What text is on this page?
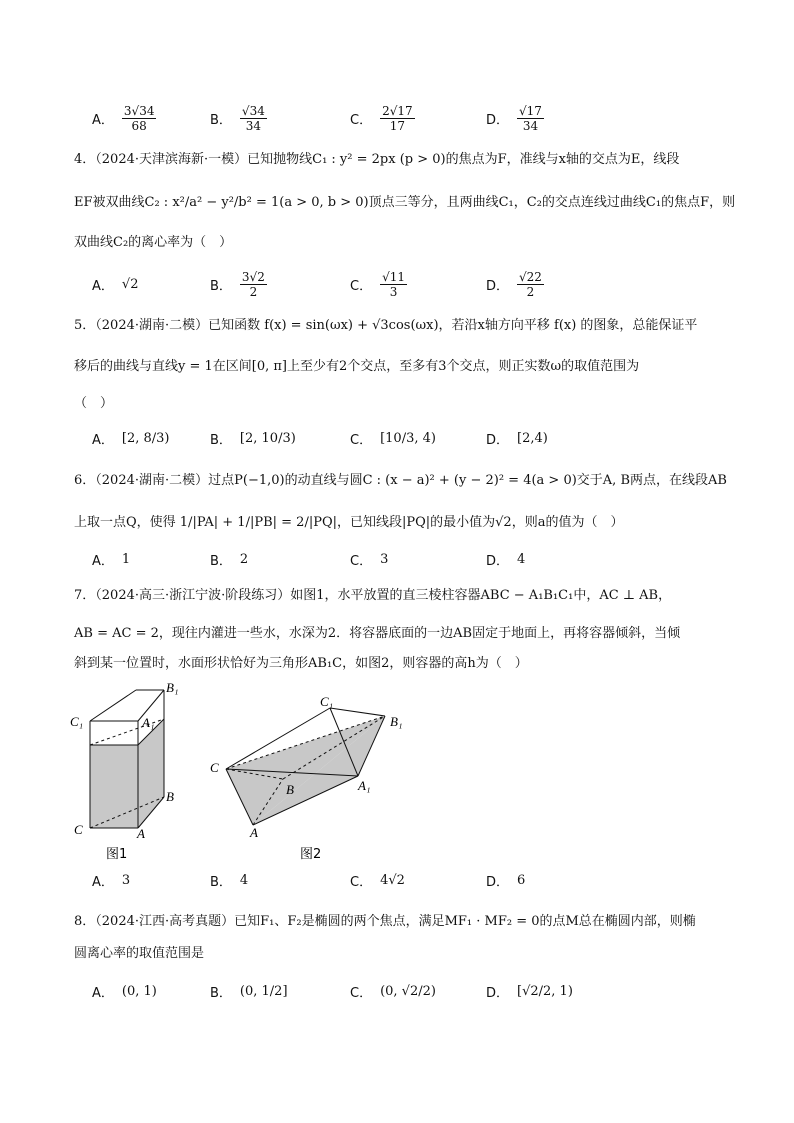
A．
3√34
68	B．
√34
34	C．
2√17
17	D．
√17
34
4．（2024·天津滨海新·一模）已知抛物线C₁ : y² = 2px (p > 0)的焦点为F，准线与x轴的交点为E，线段
EF被双曲线C₂ : x²/a² − y²/b² = 1(a > 0, b > 0)顶点三等分，且两曲线C₁，C₂的交点连线过曲线C₁的焦点F，则
双曲线C₂的离心率为（　）
A． √2	B．
3√2
2	C．
√11
3	D．
√22
2
5．（2024·湖南·二模）已知函数 f(x) = sin(ωx) + √3cos(ωx)，若沿x轴方向平移 f(x) 的图象，总能保证平
移后的曲线与直线y = 1在区间[0, π]上至少有2个交点，至多有3个交点，则正实数ω的取值范围为
（　）
A． [2, 8/3)	B． [2, 10/3)	C． [10/3, 4)	D． [2,4)
6．（2024·湖南·二模）过点P(−1,0)的动直线与圆C : (x − a)² + (y − 2)² = 4(a > 0)交于A, B两点，在线段AB
上取一点Q，使得 1/|PA| + 1/|PB| = 2/|PQ|，已知线段|PQ|的最小值为√2，则a的值为（　）
A． 1	B． 2	C． 3	D． 4
7．（2024·高三·浙江宁波·阶段练习）如图1，水平放置的直三棱柱容器ABC − A₁B₁C₁中，AC ⊥ AB，
AB = AC = 2，现往内灌进一些水，水深为2．将容器底面的一边AB固定于地面上，再将容器倾斜，当倾
斜到某一位置时，水面形状恰好为三角形AB₁C，如图2，则容器的高h为（　）
B₁
C₁	A₁
B
C	A
图1
C₁
B₁
C
A₁
B
A
图2
A． 3	B． 4	C． 4√2	D． 6
8．（2024·江西·高考真题）已知F₁、F₂是椭圆的两个焦点，满足MF₁ · MF₂ = 0的点M总在椭圆内部，则椭
圆离心率的取值范围是
A． (0, 1)	B． (0, 1/2]	C． (0, √2/2)	D． [√2/2, 1)
